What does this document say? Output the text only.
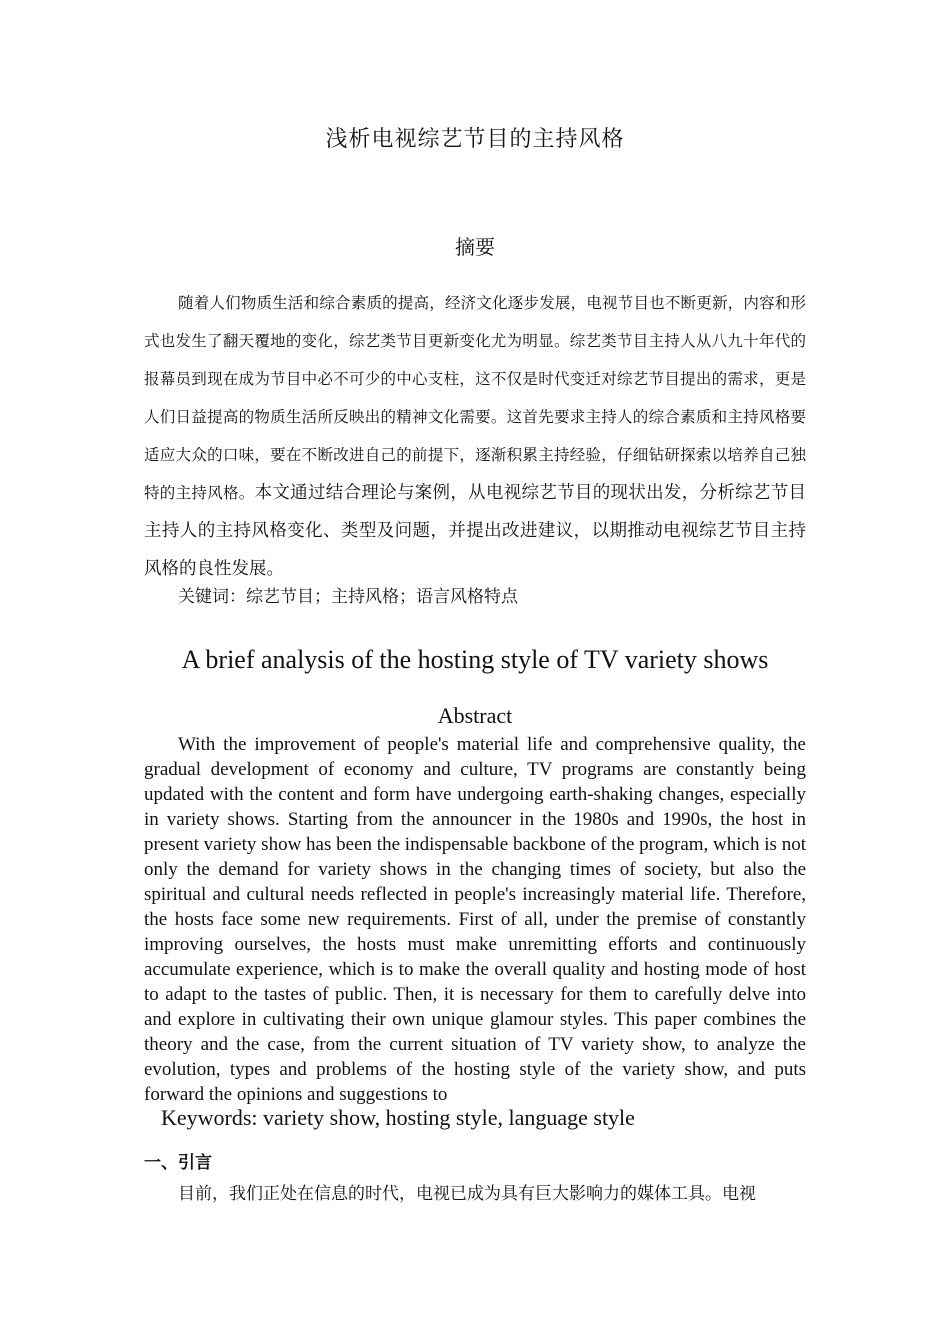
浅析电视综艺节目的主持风格
摘要

随着人们物质生活和综合素质的提高，经济文化逐步发展，电视节目也不断更新，内容和形式也发生了翻天覆地的变化，综艺类节目更新变化尤为明显。综艺类节目主持人从八九十年代的报幕员到现在成为节目中必不可少的中心支柱，这不仅是时代变迁对综艺节目提出的需求，更是人们日益提高的物质生活所反映出的精神文化需要。这首先要求主持人的综合素质和主持风格要适应大众的口味，要在不断改进自己的前提下，逐渐积累主持经验，仔细钻研探索以培养自己独特的主持风格。本文通过结合理论与案例，从电视综艺节目的现状出发，分析综艺节目主持人的主持风格变化、类型及问题，并提出改进建议，以期推动电视综艺节目主持风格的良性发展。

关键词：综艺节目；主持风格；语言风格特点

A brief analysis of the hosting style of TV variety shows
Abstract

With the improvement of people's material life and comprehensive quality, the gradual development of economy and culture, TV programs are constantly being updated with the content and form have undergoing earth-shaking changes, especially in variety shows. Starting from the announcer in the 1980s and 1990s, the host in present variety show has been the indispensable backbone of the program, which is not only the demand for variety shows in the changing times of society, but also the spiritual and cultural needs reflected in people's increasingly material life. Therefore, the hosts face some new requirements. First of all, under the premise of constantly improving ourselves, the hosts must make unremitting efforts and continuously accumulate experience, which is to make the overall quality and hosting mode of host to adapt to the tastes of public. Then, it is necessary for them to carefully delve into and explore in cultivating their own unique glamour styles. This paper combines the theory and the case, from the current situation of TV variety show, to analyze the evolution, types and problems of the hosting style of the variety show, and puts forward the opinions and suggestions to

Keywords: variety show, hosting style, language style

一、引言

目前，我们正处在信息的时代，电视已成为具有巨大影响力的媒体工具。电视
